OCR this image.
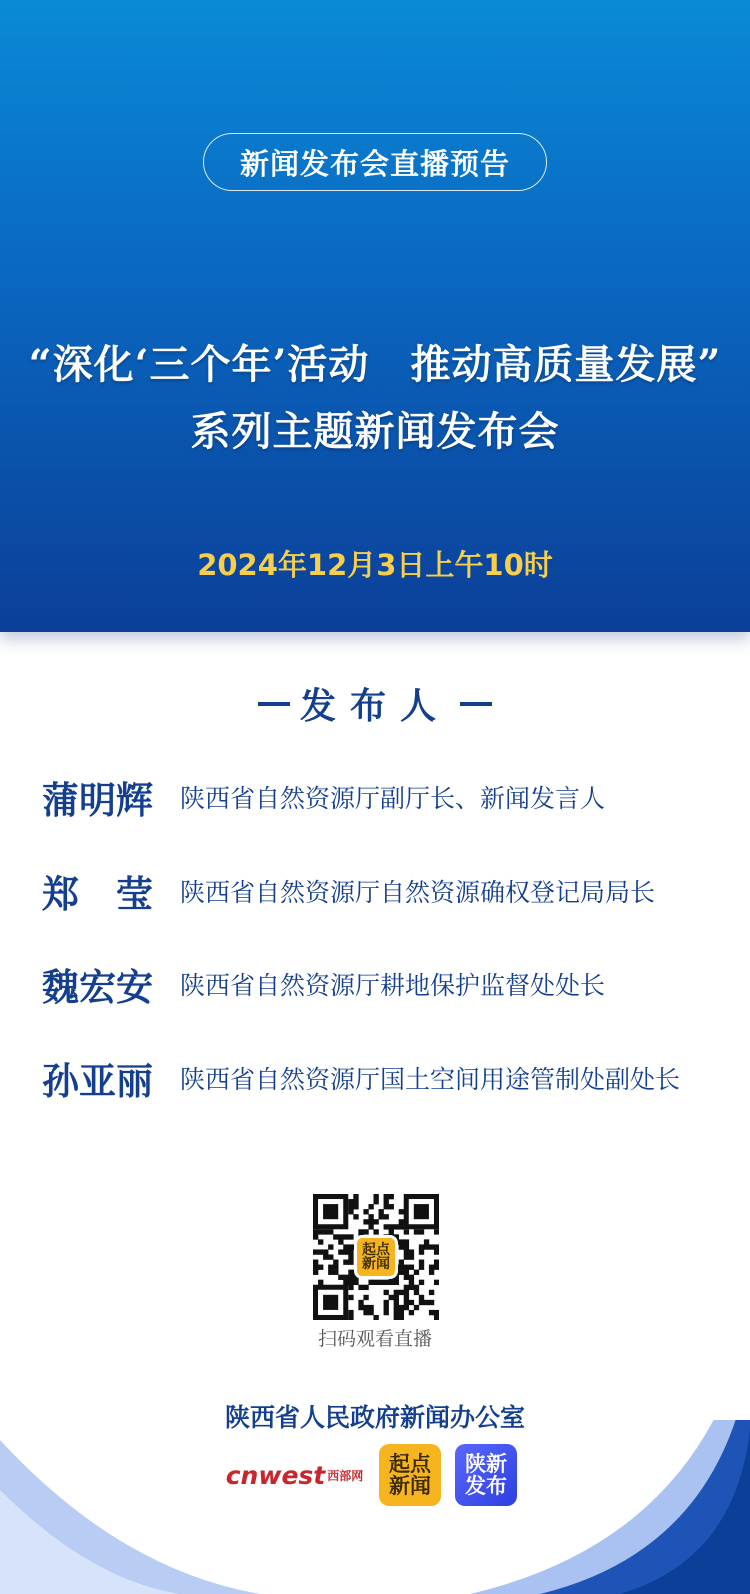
新闻发布会直播预告
“深化‘三个年’活动　推动高质量发展”
系列主题新闻发布会
2024年12月3日上午10时
发布人
蒲明辉 陕西省自然资源厅副厅长、新闻发言人
郑　莹 陕西省自然资源厅自然资源确权登记局局长
魏宏安 陕西省自然资源厅耕地保护监督处处长
孙亚丽 陕西省自然资源厅国土空间用途管制处副处长
起点新闻
扫码观看直播
陕西省人民政府新闻办公室
cnwest 西部网	起点新闻
陕新发布
